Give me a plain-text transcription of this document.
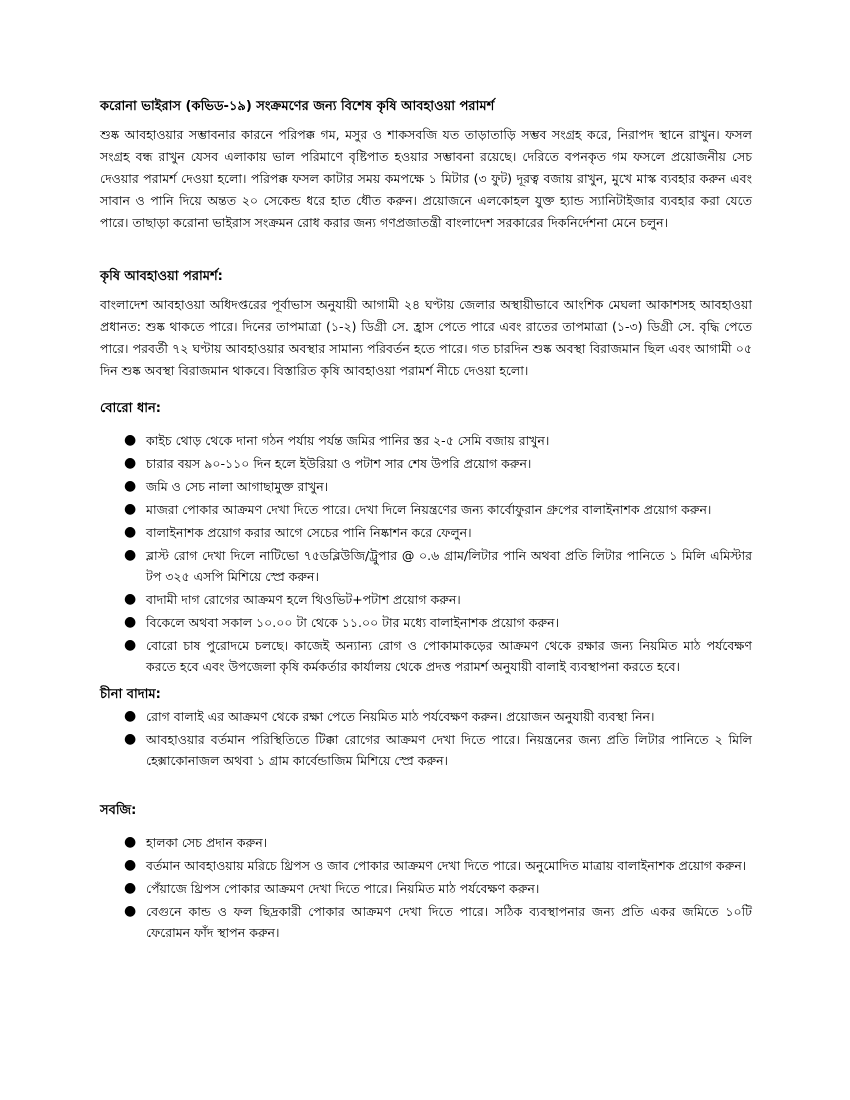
করোনা ভাইরাস (কভিড-১৯) সংক্রমণের জন্য বিশেষ কৃষি আবহাওয়া পরামর্শ
শুষ্ক আবহাওয়ার সম্ভাবনার কারনে পরিপক্ক গম, মসুর ও শাকসবজি যত তাড়াতাড়ি সম্ভব সংগ্রহ করে, নিরাপদ স্থানে রাখুন। ফসল সংগ্রহ বন্ধ রাখুন যেসব এলাকায় ভাল পরিমাণে বৃষ্টিপাত হওয়ার সম্ভাবনা রয়েছে। দেরিতে বপনকৃত গম ফসলে প্রয়োজনীয় সেচ দেওয়ার পরামর্শ দেওয়া হলো। পরিপক্ক ফসল কাটার সময় কমপক্ষে ১ মিটার (৩ ফুট) দূরত্ব বজায় রাখুন, মুখে মাস্ক ব্যবহার করুন এবং সাবান ও পানি দিয়ে অন্তত ২০ সেকেন্ড ধরে হাত ধৌত করুন। প্রয়োজনে এলকোহল যুক্ত হ্যান্ড স্যানিটাইজার ব্যবহার করা যেতে পারে। তাছাড়া করোনা ভাইরাস সংক্রমন রোধ করার জন্য গণপ্রজাতন্ত্রী বাংলাদেশ সরকারের দিকনির্দেশনা মেনে চলুন।
কৃষি আবহাওয়া পরামর্শ:
বাংলাদেশ আবহাওয়া অধিদপ্তরের পূর্বাভাস অনুযায়ী আগামী ২৪ ঘণ্টায় জেলার অস্থায়ীভাবে আংশিক মেঘলা আকাশসহ আবহাওয়া প্রধানত: শুষ্ক থাকতে পারে। দিনের তাপমাত্রা (১-২) ডিগ্রী সে. হ্রাস পেতে পারে এবং রাতের তাপমাত্রা (১-৩) ডিগ্রী সে. বৃদ্ধি পেতে পারে। পরবর্তী ৭২ ঘণ্টায় আবহাওয়ার অবস্থার সামান্য পরিবর্তন হতে পারে। গত চারদিন শুষ্ক অবস্থা বিরাজমান ছিল এবং আগামী ০৫ দিন শুষ্ক অবস্থা বিরাজমান থাকবে। বিস্তারিত কৃষি আবহাওয়া পরামর্শ নীচে দেওয়া হলো।
বোরো ধান:
● কাইচ থোড় থেকে দানা গঠন পর্যায় পর্যন্ত জমির পানির স্তর ২-৫ সেমি বজায় রাখুন।
● চারার বয়স ৯০-১১০ দিন হলে ইউরিয়া ও পটাশ সার শেষ উপরি প্রয়োগ করুন।
● জমি ও সেচ নালা আগাছামুক্ত রাখুন।
● মাজরা পোকার আক্রমণ দেখা দিতে পারে। দেখা দিলে নিয়ন্ত্রণের জন্য কার্বোফুরান গ্রুপের বালাইনাশক প্রয়োগ করুন।
● বালাইনাশক প্রয়োগ করার আগে সেচের পানি নিষ্কাশন করে ফেলুন।
● ব্লাস্ট রোগ দেখা দিলে নাটিভো ৭৫ডব্লিউজি/ট্রুপার @ ০.৬ গ্রাম/লিটার পানি অথবা প্রতি লিটার পানিতে ১ মিলি এমিস্টার টপ ৩২৫ এসপি মিশিয়ে স্প্রে করুন।
● বাদামী দাগ রোগের আক্রমণ হলে থিওভিট+পটাশ প্রয়োগ করুন।
● বিকেলে অথবা সকাল ১০.০০ টা থেকে ১১.০০ টার মধ্যে বালাইনাশক প্রয়োগ করুন।
● বোরো চাষ পুরোদমে চলছে। কাজেই অন্যান্য রোগ ও পোকামাকড়ের আক্রমণ থেকে রক্ষার জন্য নিয়মিত মাঠ পর্যবেক্ষণ করতে হবে এবং উপজেলা কৃষি কর্মকর্তার কার্যালয় থেকে প্রদত্ত পরামর্শ অনুযায়ী বালাই ব্যবস্থাপনা করতে হবে।
চীনা বাদাম:
● রোগ বালাই এর আক্রমণ থেকে রক্ষা পেতে নিয়মিত মাঠ পর্যবেক্ষণ করুন। প্রয়োজন অনুযায়ী ব্যবস্থা নিন।
● আবহাওয়ার বর্তমান পরিস্থিতিতে টিক্কা রোগের আক্রমণ দেখা দিতে পারে। নিয়ন্ত্রনের জন্য প্রতি লিটার পানিতে ২ মিলি হেক্সাকোনাজল অথবা ১ গ্রাম কার্বেন্ডাজিম মিশিয়ে স্প্রে করুন।
সবজি:
● হালকা সেচ প্রদান করুন।
● বর্তমান আবহাওয়ায় মরিচে থ্রিপস ও জাব পোকার আক্রমণ দেখা দিতে পারে। অনুমোদিত মাত্রায় বালাইনাশক প্রয়োগ করুন।
● পেঁয়াজে থ্রিপস পোকার আক্রমণ দেখা দিতে পারে। নিয়মিত মাঠ পর্যবেক্ষণ করুন।
● বেগুনে কান্ড ও ফল ছিদ্রকারী পোকার আক্রমণ দেখা দিতে পারে। সঠিক ব্যবস্থাপনার জন্য প্রতি একর জমিতে ১০টি ফেরোমন ফাঁদ স্থাপন করুন।
